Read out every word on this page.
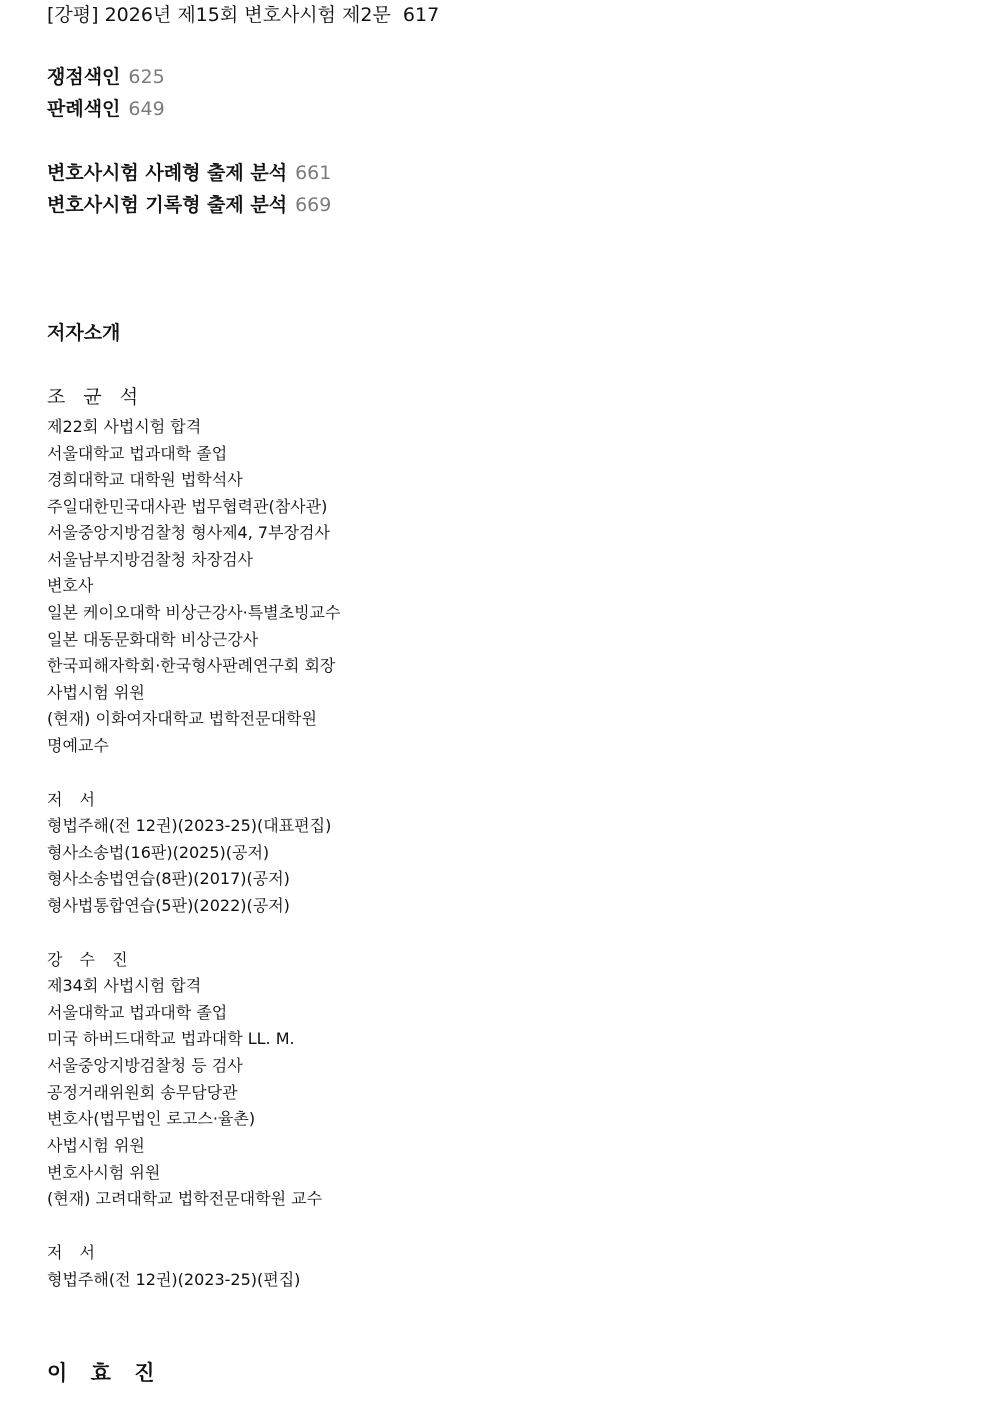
[강평] 2026년 제15회 변호사시험 제2문 617
쟁점색인 625
판례색인 649
변호사시험 사례형 출제 분석 661
변호사시험 기록형 출제 분석 669
저자소개
조 균 석
제22회 사법시험 합격
서울대학교 법과대학 졸업
경희대학교 대학원 법학석사
주일대한민국대사관 법무협력관(참사관)
서울중앙지방검찰청 형사제4, 7부장검사
서울남부지방검찰청 차장검사
변호사
일본 케이오대학 비상근강사·특별초빙교수
일본 대동문화대학 비상근강사
한국피해자학회·한국형사판례연구회 회장
사법시험 위원
(현재) 이화여자대학교 법학전문대학원
명예교수
저 서
형법주해(전 12권)(2023-25)(대표편집)
형사소송법(16판)(2025)(공저)
형사소송법연습(8판)(2017)(공저)
형사법통합연습(5판)(2022)(공저)
강 수 진
제34회 사법시험 합격
서울대학교 법과대학 졸업
미국 하버드대학교 법과대학 LL. M.
서울중앙지방검찰청 등 검사
공정거래위원회 송무담당관
변호사(법무법인 로고스·율촌)
사법시험 위원
변호사시험 위원
(현재) 고려대학교 법학전문대학원 교수
저 서
형법주해(전 12권)(2023-25)(편집)
이 효 진
